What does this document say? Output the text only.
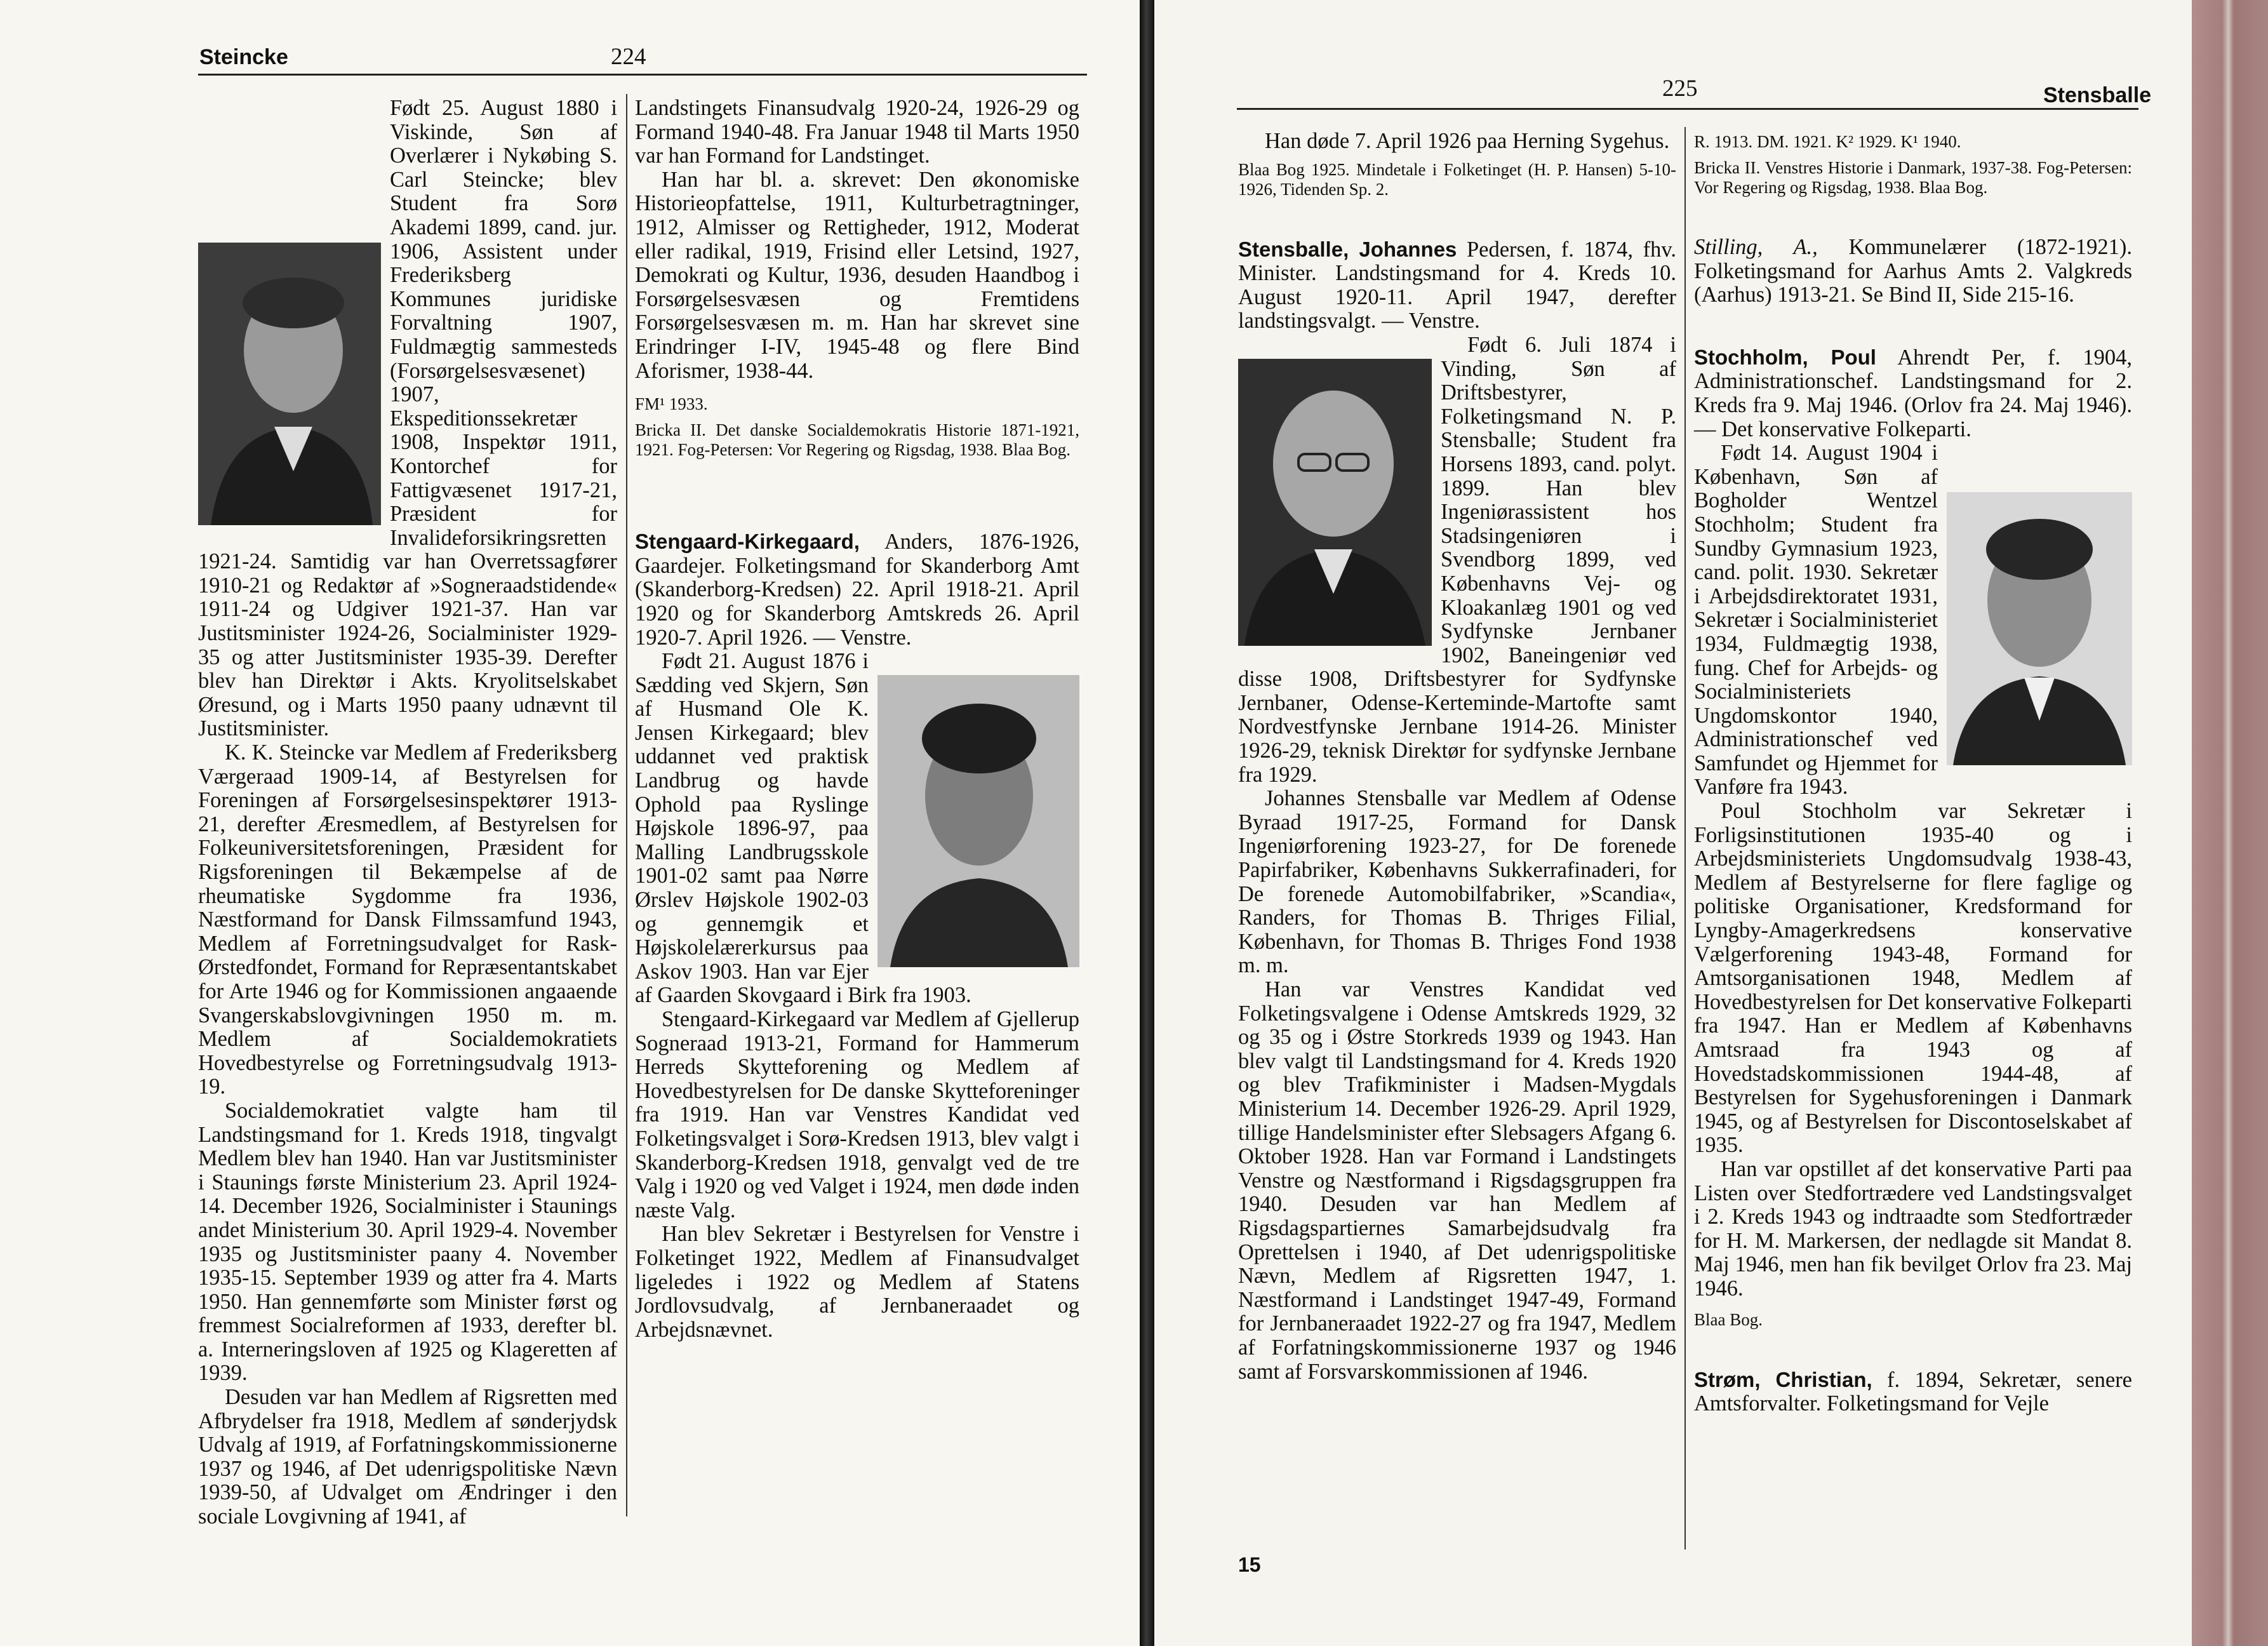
Steincke	224

Født 25. August 1880 i Viskinde, Søn af Overlærer i Nykøbing S. Carl Steincke; blev Student fra Sorø Akademi 1899, cand. jur. 1906, Assistent under Frederiksberg Kommunes juridiske Forvaltning 1907, Fuldmægtig sammesteds (Forsørgelsesvæsenet) 1907, Ekspeditionssekretær 1908, Inspektør 1911, Kontorchef for Fattigvæsenet 1917-21, Præsident for Invalideforsikringsretten 1921-24. Samtidig var han Overretssagfører 1910-21 og Redaktør af »Sogneraadstidende« 1911-24 og Udgiver 1921-37. Han var Justitsminister 1924-26, Socialminister 1929-35 og atter Justitsminister 1935-39. Derefter blev han Direktør i Akts. Kryolitselskabet Øresund, og i Marts 1950 paany udnævnt til Justitsminister.

K. K. Steincke var Medlem af Frederiksberg Værgeraad 1909-14, af Bestyrelsen for Foreningen af Forsørgelsesinspektører 1913-21, derefter Æresmedlem, af Bestyrelsen for Folkeuniversitetsforeningen, Præsident for Rigsforeningen til Bekæmpelse af de rheumatiske Sygdomme fra 1936, Næstformand for Dansk Filmssamfund 1943, Medlem af Forretningsudvalget for Rask-Ørstedfondet, Formand for Repræsentantskabet for Arte 1946 og for Kommissionen angaaende Svangerskabslovgivningen 1950 m. m. Medlem af Socialdemokratiets Hovedbestyrelse og Forretningsudvalg 1913-19.

Socialdemokratiet valgte ham til Landstingsmand for 1. Kreds 1918, tingvalgt Medlem blev han 1940. Han var Justitsminister i Staunings første Ministerium 23. April 1924-14. December 1926, Socialminister i Staunings andet Ministerium 30. April 1929-4. November 1935 og Justitsminister paany 4. November 1935-15. September 1939 og atter fra 4. Marts 1950. Han gennemførte som Minister først og fremmest Socialreformen af 1933, derefter bl. a. Interneringsloven af 1925 og Klageretten af 1939.

Desuden var han Medlem af Rigsretten med Afbrydelser fra 1918, Medlem af sønderjydsk Udvalg af 1919, af Forfatningskommissionerne 1937 og 1946, af Det udenrigspolitiske Nævn 1939-50, af Udvalget om Ændringer i den sociale Lovgivning af 1941, af

Landstingets Finansudvalg 1920-24, 1926-29 og Formand 1940-48. Fra Januar 1948 til Marts 1950 var han Formand for Landstinget.

Han har bl. a. skrevet: Den økonomiske Historieopfattelse, 1911, Kulturbetragtninger, 1912, Almisser og Rettigheder, 1912, Moderat eller radikal, 1919, Frisind eller Letsind, 1927, Demokrati og Kultur, 1936, desuden Haandbog i Forsørgelsesvæsen og Fremtidens Forsørgelsesvæsen m. m. Han har skrevet sine Erindringer I-IV, 1945-48 og flere Bind Aforismer, 1938-44.

FM¹ 1933.

Bricka II. Det danske Socialdemokratis Historie 1871-1921, 1921. Fog-Petersen: Vor Regering og Rigsdag, 1938. Blaa Bog.

Stengaard-Kirkegaard, Anders, 1876-1926, Gaardejer. Folketingsmand for Skanderborg Amt (Skanderborg-Kredsen) 22. April 1918-21. April 1920 og for Skanderborg Amtskreds 26. April 1920-7. April 1926. — Venstre.

Født 21. August 1876 i Sædding ved Skjern, Søn af Husmand Ole K. Jensen Kirkegaard; blev uddannet ved praktisk Landbrug og havde Ophold paa Ryslinge Højskole 1896-97, paa Malling Landbrugsskole 1901-02 samt paa Nørre Ørslev Højskole 1902-03 og gennemgik et Højskolelærerkursus paa Askov 1903. Han var Ejer af Gaarden Skovgaard i Birk fra 1903.

Stengaard-Kirkegaard var Medlem af Gjellerup Sogneraad 1913-21, Formand for Hammerum Herreds Skytteforening og Medlem af Hovedbestyrelsen for De danske Skytteforeninger fra 1919. Han var Venstres Kandidat ved Folketingsvalget i Sorø-Kredsen 1913, blev valgt i Skanderborg-Kredsen 1918, genvalgt ved de tre Valg i 1920 og ved Valget i 1924, men døde inden næste Valg.

Han blev Sekretær i Bestyrelsen for Venstre i Folketinget 1922, Medlem af Finansudvalget ligeledes i 1922 og Medlem af Statens Jordlovsudvalg, af Jernbaneraadet og Arbejdsnævnet.

225	Stensballe

Han døde 7. April 1926 paa Herning Sygehus.

Blaa Bog 1925. Mindetale i Folketinget (H. P. Hansen) 5-10-1926, Tidenden Sp. 2.

Stensballe, Johannes Pedersen, f. 1874, fhv. Minister. Landstingsmand for 4. Kreds 10. August 1920-11. April 1947, derefter landstingsvalgt. — Venstre.

Født 6. Juli 1874 i Vinding, Søn af Driftsbestyrer, Folketingsmand N. P. Stensballe; Student fra Horsens 1893, cand. polyt. 1899. Han blev Ingeniørassistent hos Stadsingeniøren i Svendborg 1899, ved Københavns Vej- og Kloakanlæg 1901 og ved Sydfynske Jernbaner 1902, Baneingeniør ved disse 1908, Driftsbestyrer for Sydfynske Jernbaner, Odense-Kerteminde-Martofte samt Nordvestfynske Jernbane 1914-26. Minister 1926-29, teknisk Direktør for sydfynske Jernbane fra 1929.

Johannes Stensballe var Medlem af Odense Byraad 1917-25, Formand for Dansk Ingeniørforening 1923-27, for De forenede Papirfabriker, Københavns Sukkerrafinaderi, for De forenede Automobilfabriker, »Scandia«, Randers, for Thomas B. Thriges Filial, København, for Thomas B. Thriges Fond 1938 m. m.

Han var Venstres Kandidat ved Folketingsvalgene i Odense Amtskreds 1929, 32 og 35 og i Østre Storkreds 1939 og 1943. Han blev valgt til Landstingsmand for 4. Kreds 1920 og blev Trafikminister i Madsen-Mygdals Ministerium 14. December 1926-29. April 1929, tillige Handelsminister efter Slebsagers Afgang 6. Oktober 1928. Han var Formand i Landstingets Venstre og Næstformand i Rigsdagsgruppen fra 1940. Desuden var han Medlem af Rigsdagspartiernes Samarbejdsudvalg fra Oprettelsen i 1940, af Det udenrigspolitiske Nævn, Medlem af Rigsretten 1947, 1. Næstformand i Landstinget 1947-49, Formand for Jernbaneraadet 1922-27 og fra 1947, Medlem af Forfatningskommissionerne 1937 og 1946 samt af Forsvarskommissionen af 1946.

R. 1913. DM. 1921. K² 1929. K¹ 1940.

Bricka II. Venstres Historie i Danmark, 1937-38. Fog-Petersen: Vor Regering og Rigsdag, 1938. Blaa Bog.

Stilling, A., Kommunelærer (1872-1921). Folketingsmand for Aarhus Amts 2. Valgkreds (Aarhus) 1913-21. Se Bind II, Side 215-16.

Stochholm, Poul Ahrendt Per, f. 1904, Administrationschef. Landstingsmand for 2. Kreds fra 9. Maj 1946. (Orlov fra 24. Maj 1946). — Det konservative Folkeparti.

Født 14. August 1904 i København, Søn af Bogholder Wentzel Stochholm; Student fra Sundby Gymnasium 1923, cand. polit. 1930. Sekretær i Arbejdsdirektoratet 1931, Sekretær i Socialministeriet 1934, Fuldmægtig 1938, fung. Chef for Arbejds- og Socialministeriets Ungdomskontor 1940, Administrationschef ved Samfundet og Hjemmet for Vanføre fra 1943.

Poul Stochholm var Sekretær i Forligsinstitutionen 1935-40 og i Arbejdsministeriets Ungdomsudvalg 1938-43, Medlem af Bestyrelserne for flere faglige og politiske Organisationer, Kredsformand for Lyngby-Amagerkredsens konservative Vælgerforening 1943-48, Formand for Amtsorganisationen 1948, Medlem af Hovedbestyrelsen for Det konservative Folkeparti fra 1947. Han er Medlem af Københavns Amtsraad fra 1943 og af Hovedstadskommissionen 1944-48, af Bestyrelsen for Sygehusforeningen i Danmark 1945, og af Bestyrelsen for Discontoselskabet af 1935.

Han var opstillet af det konservative Parti paa Listen over Stedfortrædere ved Landstingsvalget i 2. Kreds 1943 og indtraadte som Stedfortræder for H. M. Markersen, der nedlagde sit Mandat 8. Maj 1946, men han fik bevilget Orlov fra 23. Maj 1946.

Blaa Bog.

Strøm, Christian, f. 1894, Sekretær, senere Amtsforvalter. Folketingsmand for Vejle

15
